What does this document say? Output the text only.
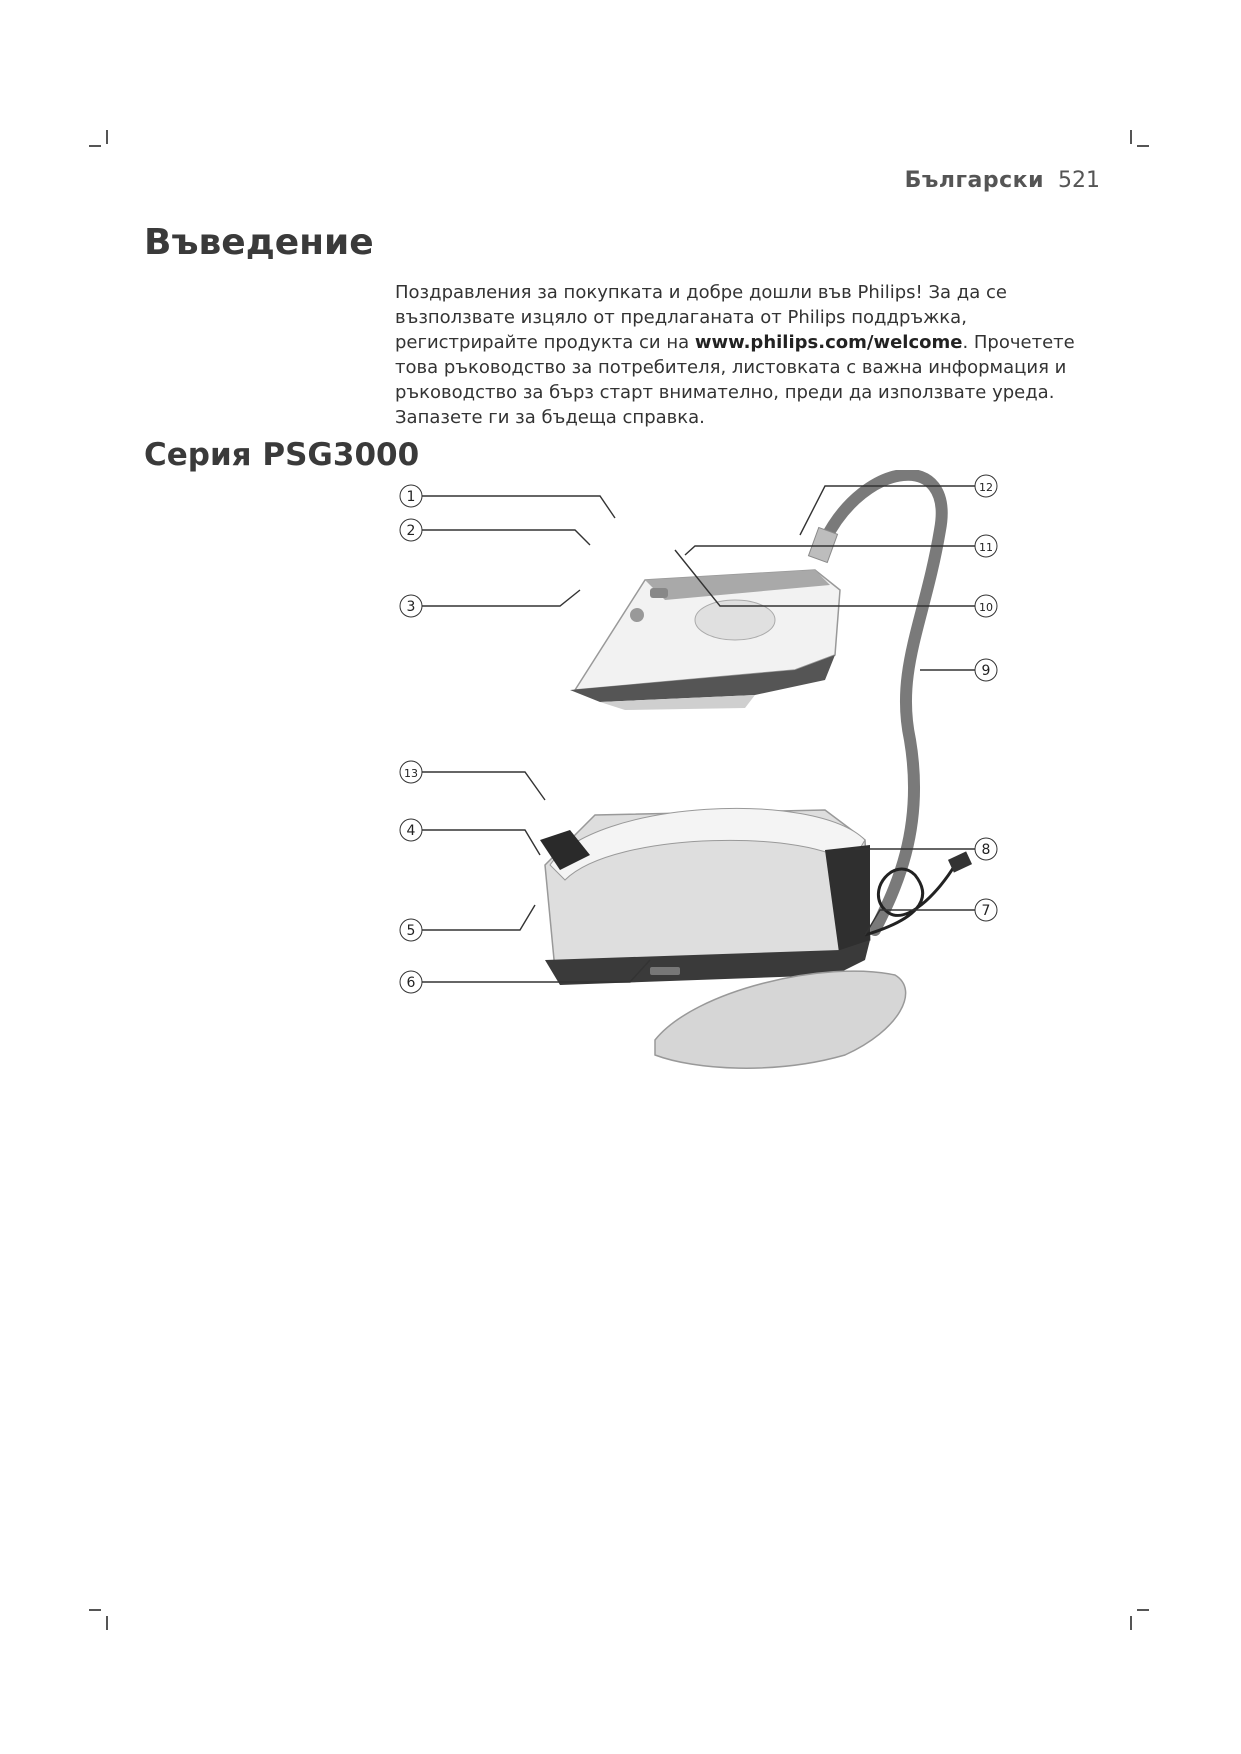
Български 521
Въведение

Поздравления за покупката и добре дошли във Philips! За да се възползвате изцяло от предлаганата от Philips поддръжка, регистрирайте продукта си на www.philips.com/welcome. Прочетете това ръководство за потребителя, листовката с важна информация и ръководство за бърз старт внимателно, преди да използвате уреда. Запазете ги за бъдеща справка.

Серия PSG3000
1
2
3
13
4
5
6
12
11
10
9
8
7
